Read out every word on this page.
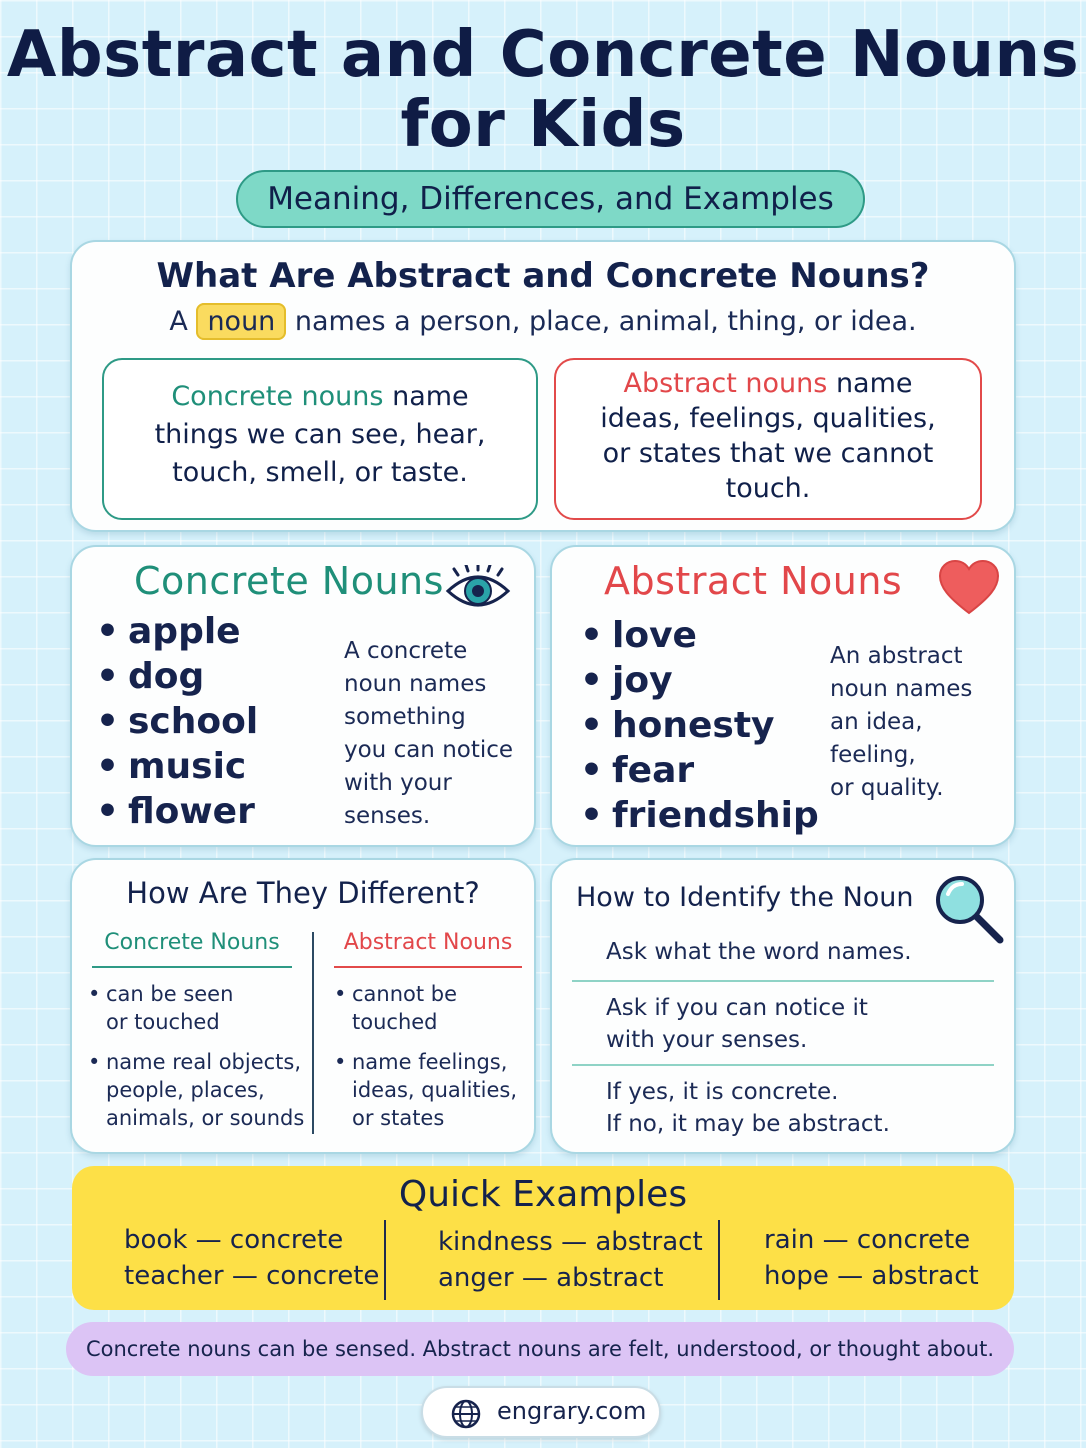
Abstract and Concrete Nouns
for Kids
Meaning, Differences, and Examples
What Are Abstract and Concrete Nouns?
A noun names a person, place, animal, thing, or idea.
Concrete nouns name things we can see, hear, touch, smell, or taste.
Abstract nouns name ideas, feelings, qualities, or states that we cannot touch.
Concrete Nouns
• apple
• dog
• school
• music
• flower
A concrete
noun names
something
you can notice
with your
senses.
Abstract Nouns
• love
• joy
• honesty
• fear
• friendship
An abstract
noun names
an idea,
feeling,
or quality.
How Are They Different?
Concrete Nouns	Abstract Nouns
• can be seen or touched
• name real objects, people, places, animals, or sounds
• cannot be touched
• name feelings, ideas, qualities, or states
How to Identify the Noun
Ask what the word names.
Ask if you can notice it
with your senses.
If yes, it is concrete.
If no, it may be abstract.
Quick Examples
book — concrete
teacher — concrete
kindness — abstract
anger — abstract
rain — concrete
hope — abstract
Concrete nouns can be sensed. Abstract nouns are felt, understood, or thought about.
engrary.com
